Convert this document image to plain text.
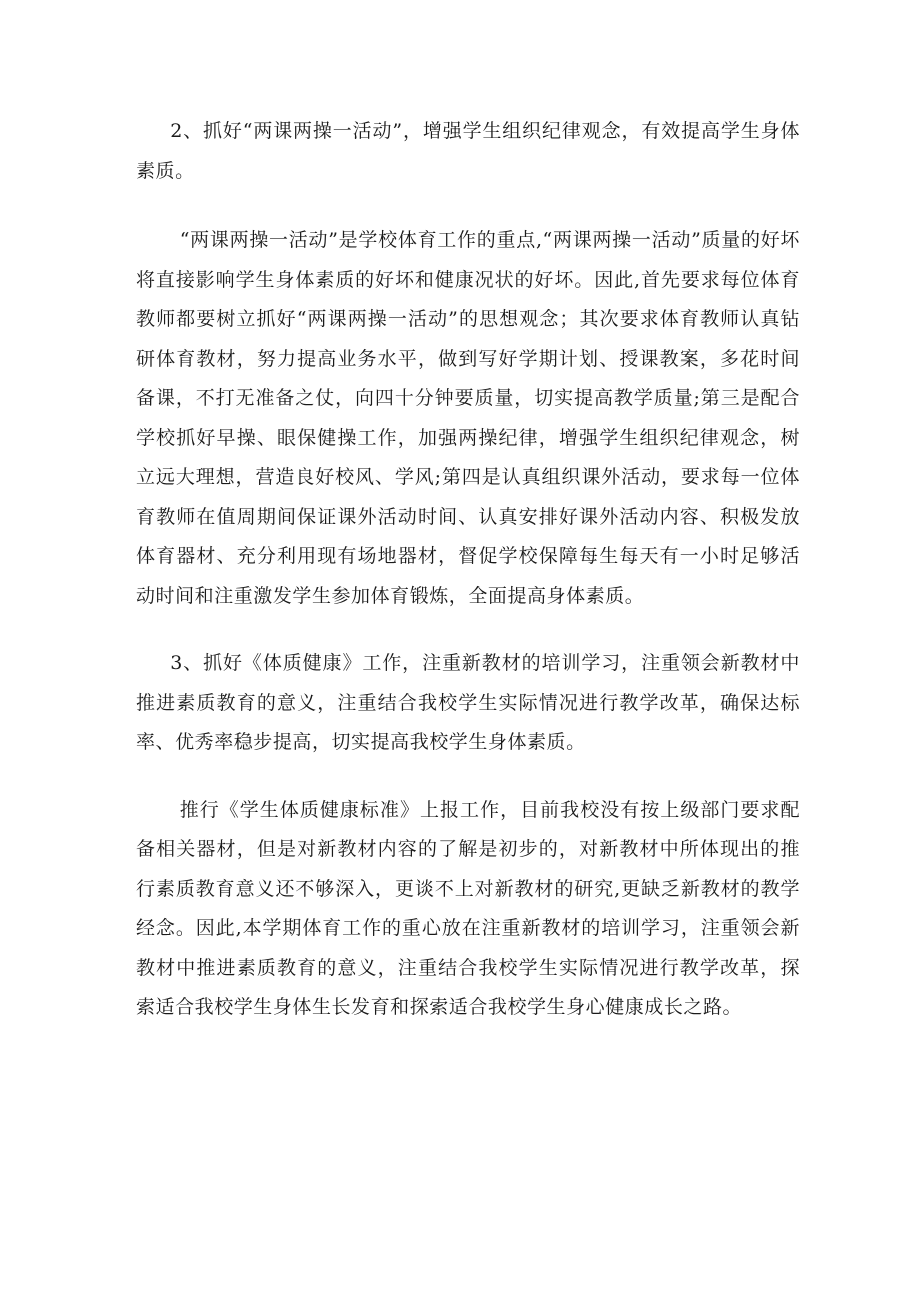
2、抓好“两课两操一活动”，增强学生组织纪律观念，有效提高学生身体素质。

“两课两操一活动”是学校体育工作的重点,“两课两操一活动”质量的好坏将直接影响学生身体素质的好坏和健康况状的好坏。因此,首先要求每位体育教师都要树立抓好“两课两操一活动”的思想观念；其次要求体育教师认真钻研体育教材，努力提高业务水平，做到写好学期计划、授课教案，多花时间备课，不打无准备之仗，向四十分钟要质量，切实提高教学质量;第三是配合学校抓好早操、眼保健操工作，加强两操纪律，增强学生组织纪律观念，树立远大理想，营造良好校风、学风;第四是认真组织课外活动，要求每一位体育教师在值周期间保证课外活动时间、认真安排好课外活动内容、积极发放体育器材、充分利用现有场地器材，督促学校保障每生每天有一小时足够活动时间和注重激发学生参加体育锻炼，全面提高身体素质。

3、抓好《体质健康》工作，注重新教材的培训学习，注重领会新教材中推进素质教育的意义，注重结合我校学生实际情况进行教学改革，确保达标率、优秀率稳步提高，切实提高我校学生身体素质。

推行《学生体质健康标准》上报工作，目前我校没有按上级部门要求配备相关器材，但是对新教材内容的了解是初步的，对新教材中所体现出的推行素质教育意义还不够深入，更谈不上对新教材的研究,更缺乏新教材的教学经念。因此,本学期体育工作的重心放在注重新教材的培训学习，注重领会新教材中推进素质教育的意义，注重结合我校学生实际情况进行教学改革，探索适合我校学生身体生长发育和探索适合我校学生身心健康成长之路。
